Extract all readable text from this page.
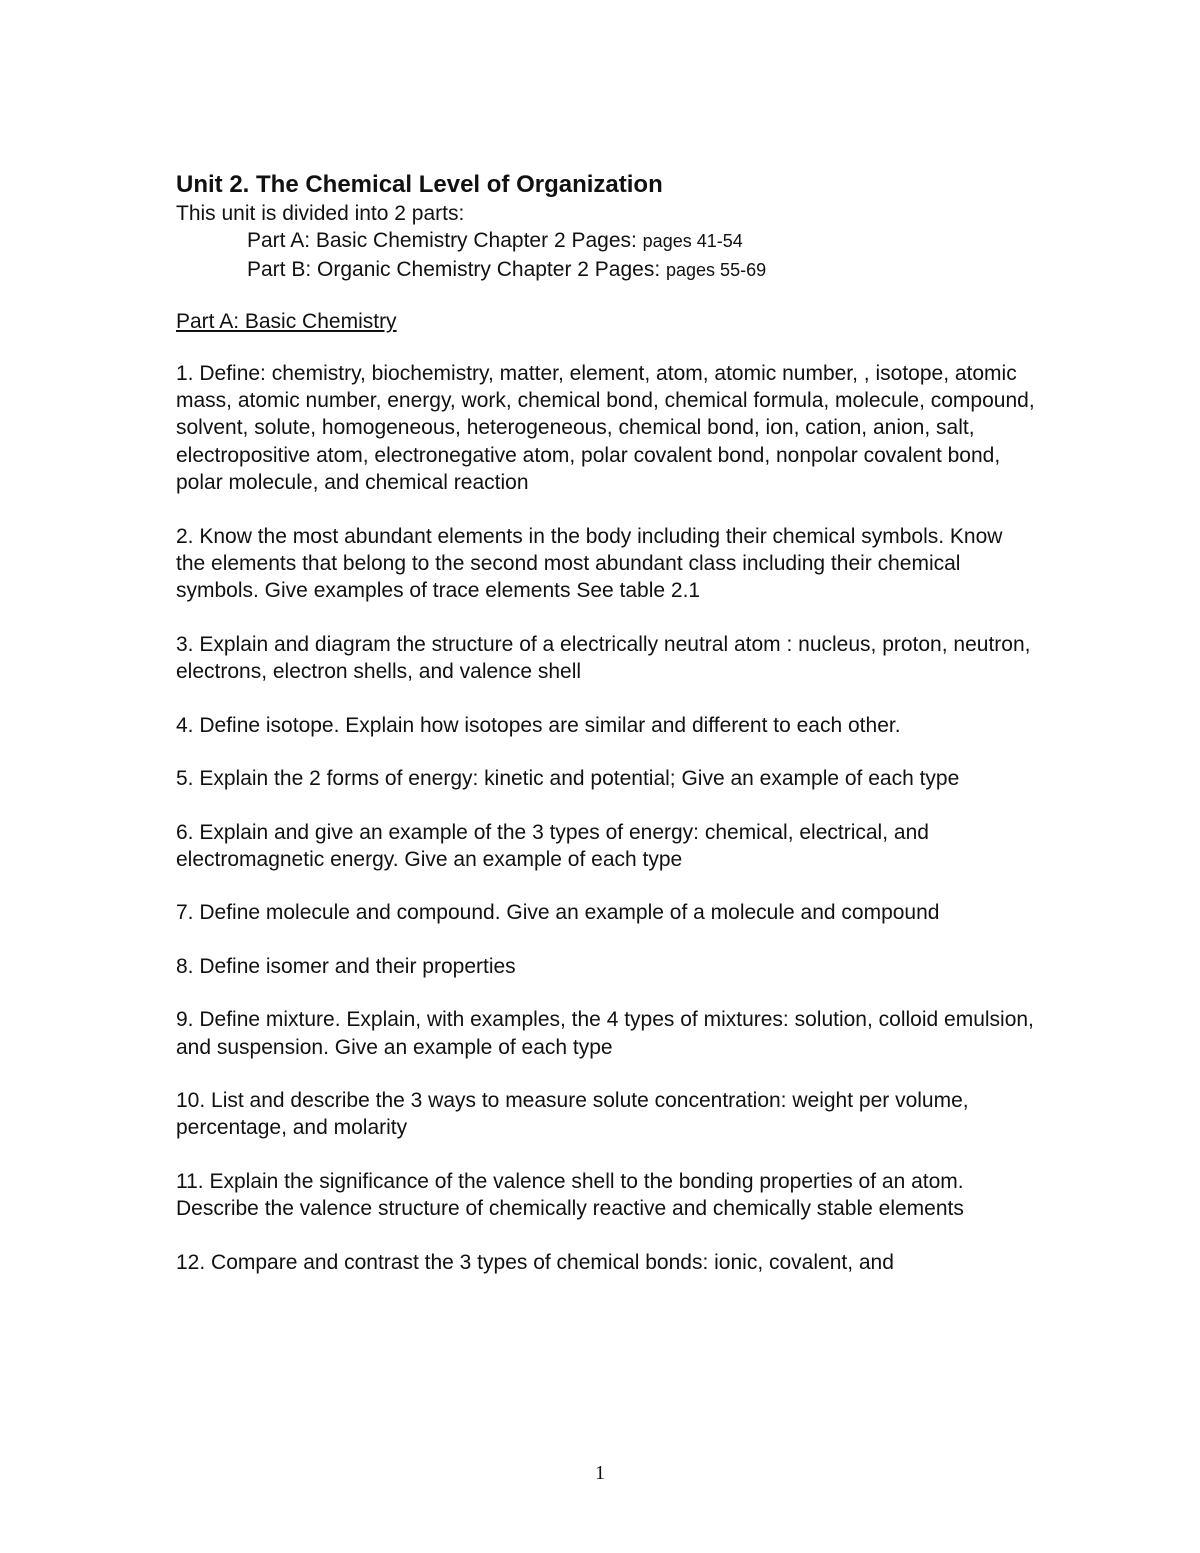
Unit 2. The Chemical Level of Organization

This unit is divided into 2 parts:

Part A: Basic Chemistry Chapter 2 Pages: pages 41-54
Part B: Organic Chemistry Chapter 2 Pages: pages 55-69

Part A: Basic Chemistry

1. Define: chemistry, biochemistry, matter, element, atom, atomic number, , isotope, atomic mass, atomic number, energy, work, chemical bond, chemical formula, molecule, compound, solvent, solute, homogeneous, heterogeneous, chemical bond, ion, cation, anion, salt, electropositive atom, electronegative atom, polar covalent bond, nonpolar covalent bond, polar molecule, and chemical reaction

2. Know the most abundant elements in the body including their chemical symbols. Know the elements that belong to the second most abundant class including their chemical symbols. Give examples of trace elements See table 2.1

3. Explain and diagram the structure of a electrically neutral atom : nucleus, proton, neutron, electrons, electron shells, and valence shell

4. Define isotope. Explain how isotopes are similar and different to each other.

5. Explain the 2 forms of energy: kinetic and potential; Give an example of each type

6. Explain and give an example of the 3 types of energy: chemical, electrical, and electromagnetic energy. Give an example of each type

7. Define molecule and compound. Give an example of a molecule and compound

8. Define isomer and their properties

9. Define mixture. Explain, with examples, the 4 types of mixtures: solution, colloid emulsion, and suspension. Give an example of each type

10. List and describe the 3 ways to measure solute concentration: weight per volume, percentage, and molarity

11. Explain the significance of the valence shell to the bonding properties of an atom. Describe the valence structure of chemically reactive and chemically stable elements

12. Compare and contrast the 3 types of chemical bonds: ionic, covalent, and

1
